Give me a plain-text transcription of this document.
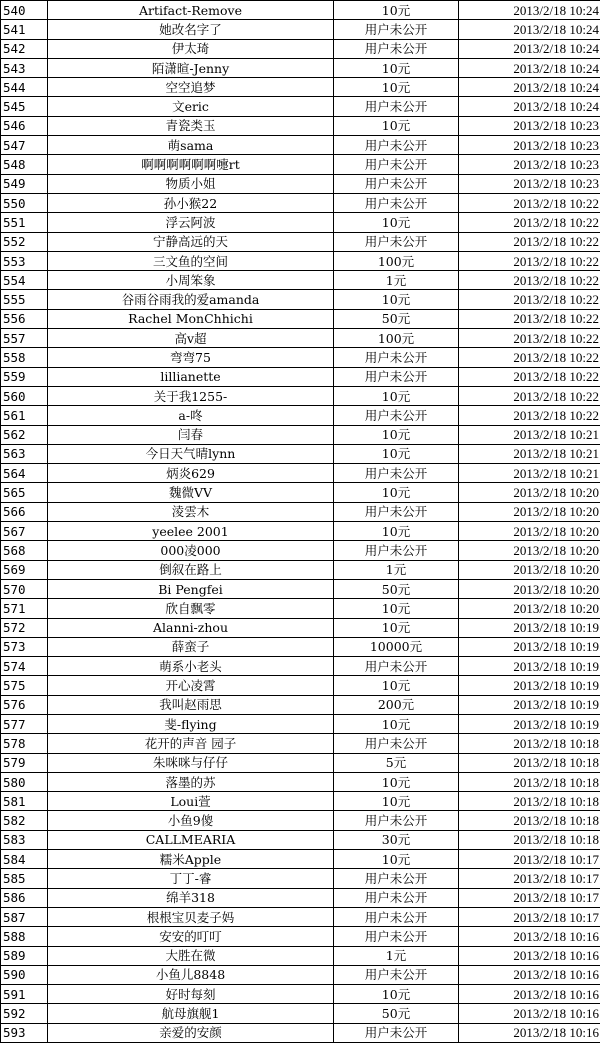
540	Artifact-Remove	10元	2013/2/18 10:24
541	她改名字了	用户未公开	2013/2/18 10:24
542	伊太琦	用户未公开	2013/2/18 10:24
543	陌潇暄-Jenny	10元	2013/2/18 10:24
544	空空追梦	10元	2013/2/18 10:24
545	文eric	用户未公开	2013/2/18 10:24
546	青瓷类玉	10元	2013/2/18 10:23
547	萌sama	用户未公开	2013/2/18 10:23
548	啊啊啊啊啊啊嚏rt	用户未公开	2013/2/18 10:23
549	物质小姐	用户未公开	2013/2/18 10:23
550	孙小猴22	用户未公开	2013/2/18 10:22
551	浮云阿波	10元	2013/2/18 10:22
552	宁静高远的天	用户未公开	2013/2/18 10:22
553	三文鱼的空间	100元	2013/2/18 10:22
554	小周笨象	1元	2013/2/18 10:22
555	谷雨谷雨我的爱amanda	10元	2013/2/18 10:22
556	Rachel MonChhichi	50元	2013/2/18 10:22
557	高v超	100元	2013/2/18 10:22
558	弯弯75	用户未公开	2013/2/18 10:22
559	lillianette	用户未公开	2013/2/18 10:22
560	关于我1255-	10元	2013/2/18 10:22
561	a-咚	用户未公开	2013/2/18 10:22
562	闫春	10元	2013/2/18 10:21
563	今日天气晴lynn	10元	2013/2/18 10:21
564	炳炎629	用户未公开	2013/2/18 10:21
565	魏微VV	10元	2013/2/18 10:20
566	淩雲木	用户未公开	2013/2/18 10:20
567	yeelee 2001	10元	2013/2/18 10:20
568	000凌000	用户未公开	2013/2/18 10:20
569	倒叙在路上	1元	2013/2/18 10:20
570	Bi Pengfei	50元	2013/2/18 10:20
571	欣自飘零	10元	2013/2/18 10:20
572	Alanni-zhou	10元	2013/2/18 10:19
573	薛蛮子	10000元	2013/2/18 10:19
574	萌系小老头	用户未公开	2013/2/18 10:19
575	开心凌霄	10元	2013/2/18 10:19
576	我叫赵雨思	200元	2013/2/18 10:19
577	斐-flying	10元	2013/2/18 10:19
578	花开的声音 园子	用户未公开	2013/2/18 10:18
579	朱咪咪与仔仔	5元	2013/2/18 10:18
580	落墨的苏	10元	2013/2/18 10:18
581	Loui萱	10元	2013/2/18 10:18
582	小鱼9傻	用户未公开	2013/2/18 10:18
583	CALLMEARIA	30元	2013/2/18 10:18
584	糯米Apple	10元	2013/2/18 10:17
585	丁丁-睿	用户未公开	2013/2/18 10:17
586	绵羊318	用户未公开	2013/2/18 10:17
587	根根宝贝麦子妈	用户未公开	2013/2/18 10:17
588	安安的叮叮	用户未公开	2013/2/18 10:16
589	大胜在微	1元	2013/2/18 10:16
590	小鱼儿8848	用户未公开	2013/2/18 10:16
591	好时每刻	10元	2013/2/18 10:16
592	航母旗舰1	50元	2013/2/18 10:16
593	亲爱的安颜	用户未公开	2013/2/18 10:16
